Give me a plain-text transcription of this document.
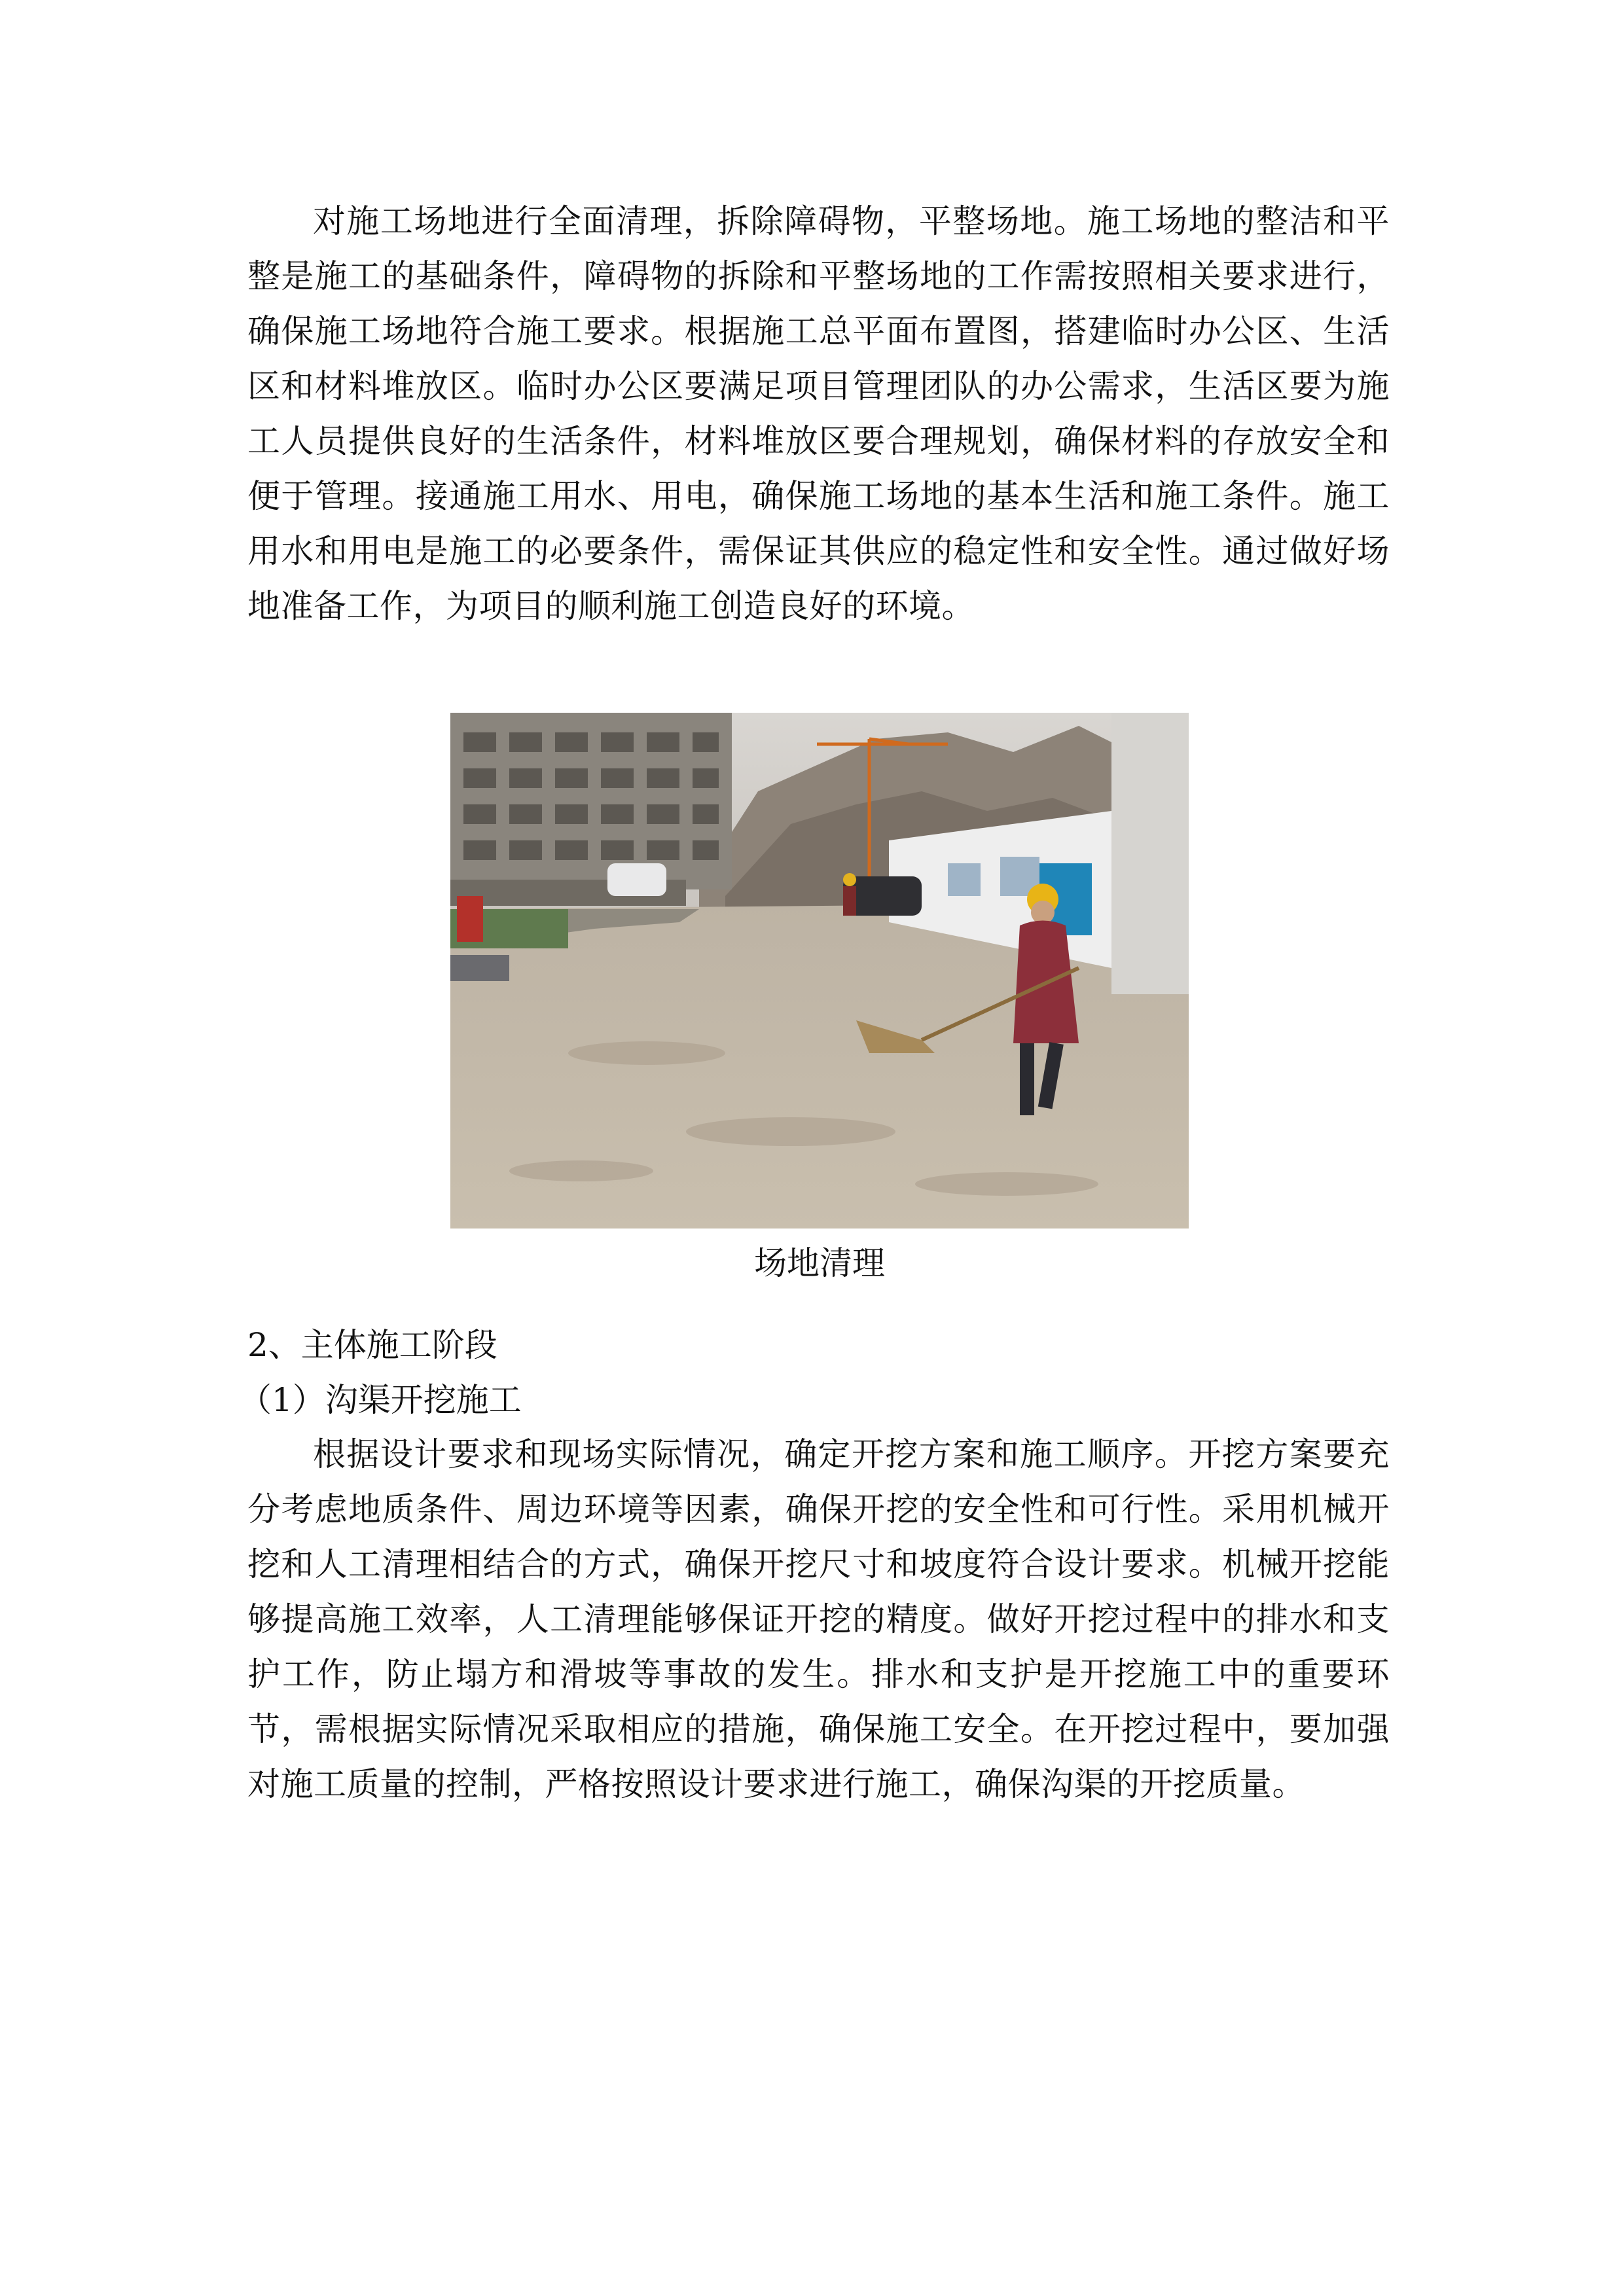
对施工场地进行全面清理，拆除障碍物，平整场地。施工场地的整洁和平整是施工的基础条件，障碍物的拆除和平整场地的工作需按照相关要求进行，确保施工场地符合施工要求。根据施工总平面布置图，搭建临时办公区、生活区和材料堆放区。临时办公区要满足项目管理团队的办公需求，生活区要为施工人员提供良好的生活条件，材料堆放区要合理规划，确保材料的存放安全和便于管理。接通施工用水、用电，确保施工场地的基本生活和施工条件。施工用水和用电是施工的必要条件，需保证其供应的稳定性和安全性。通过做好场地准备工作，为项目的顺利施工创造良好的环境。

场地清理

2、主体施工阶段

（1）沟渠开挖施工

根据设计要求和现场实际情况，确定开挖方案和施工顺序。开挖方案要充分考虑地质条件、周边环境等因素，确保开挖的安全性和可行性。采用机械开挖和人工清理相结合的方式，确保开挖尺寸和坡度符合设计要求。机械开挖能够提高施工效率，人工清理能够保证开挖的精度。做好开挖过程中的排水和支护工作，防止塌方和滑坡等事故的发生。排水和支护是开挖施工中的重要环节，需根据实际情况采取相应的措施，确保施工安全。在开挖过程中，要加强对施工质量的控制，严格按照设计要求进行施工，确保沟渠的开挖质量。
